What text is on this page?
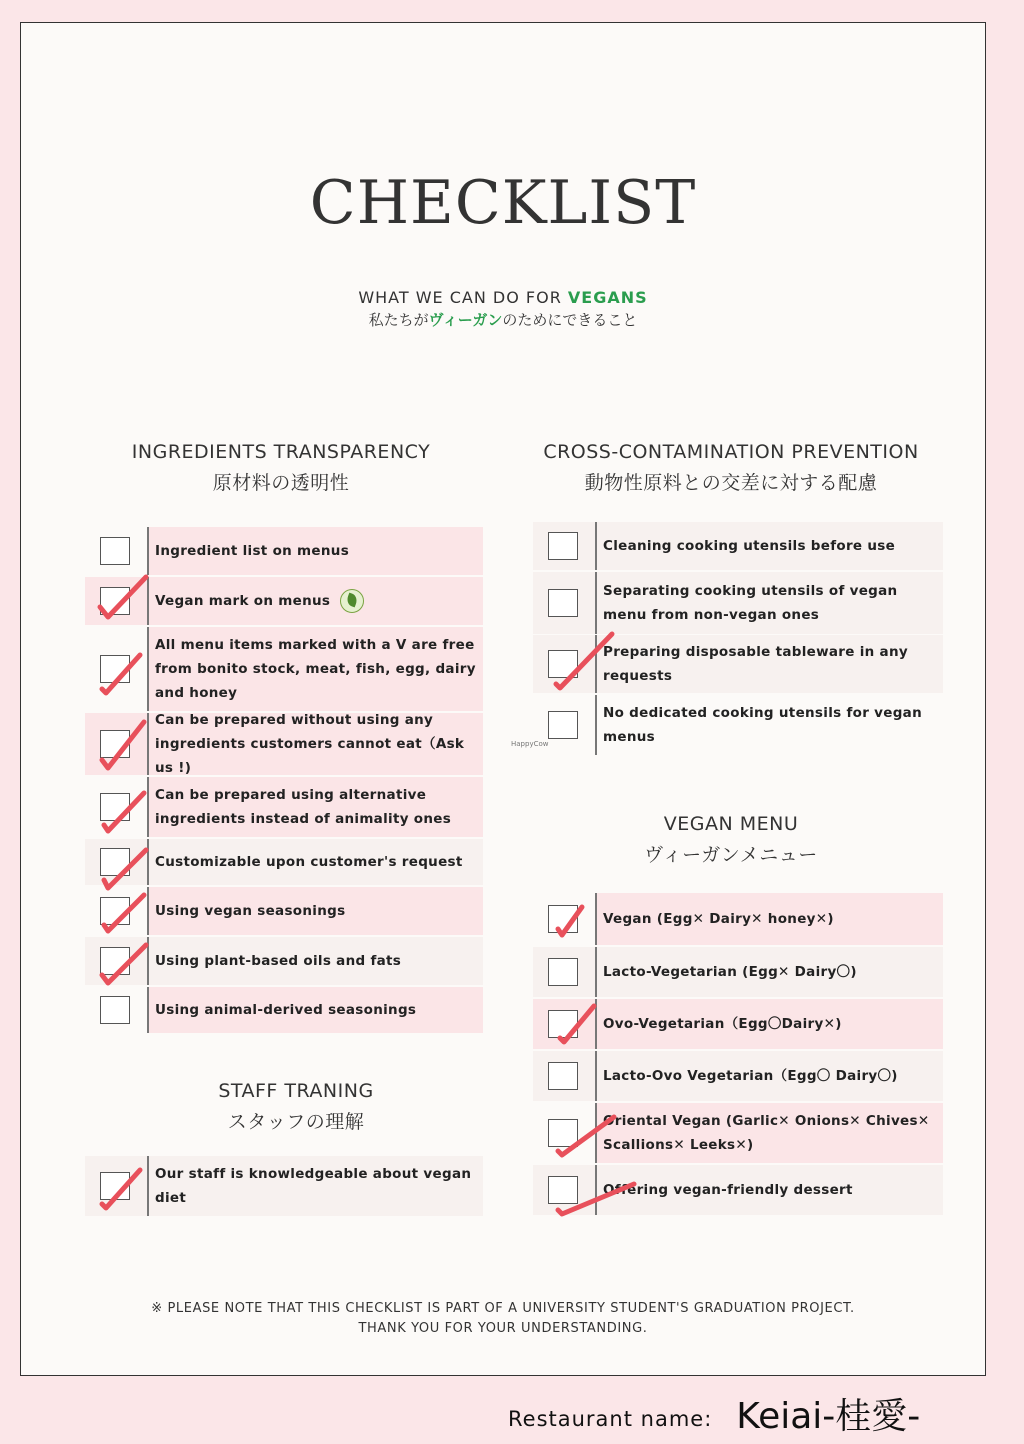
CHECKLIST
WHAT WE CAN DO FOR VEGANS
私たちがヴィーガンのためにできること
INGREDIENTS TRANSPARENCY
原材料の透明性
CROSS-CONTAMINATION PREVENTION
動物性原料との交差に対する配慮
Ingredient list on menus
Vegan mark on menus
All menu items marked with a V are free from bonito stock, meat, fish, egg, dairy and honey
Can be prepared without using any ingredients customers cannot eat（Ask us !)
Can be prepared using alternative ingredients instead of animality ones
Customizable upon customer's request
Using vegan seasonings
Using plant-based oils and fats
Using animal-derived seasonings
Cleaning cooking utensils before use
Separating cooking utensils of vegan menu from non-vegan ones
Preparing disposable tableware in any requests
No dedicated cooking utensils for vegan menus
HappyCow
VEGAN MENU
ヴィーガンメニュー
Vegan (Egg✕ Dairy✕ honey✕)
Lacto-Vegetarian (Egg✕ Dairy〇)
Ovo-Vegetarian（Egg〇Dairy✕)
Lacto-Ovo Vegetarian（Egg〇 Dairy〇)
Oriental Vegan (Garlic✕ Onions✕ Chives✕ Scallions✕ Leeks✕)
Offering vegan-friendly dessert
STAFF TRANING
スタッフの理解
Our staff is knowledgeable about vegan diet
※ PLEASE NOTE THAT THIS CHECKLIST IS PART OF A UNIVERSITY STUDENT'S GRADUATION PROJECT.
THANK YOU FOR YOUR UNDERSTANDING.
Restaurant name: Keiai-桂愛-
